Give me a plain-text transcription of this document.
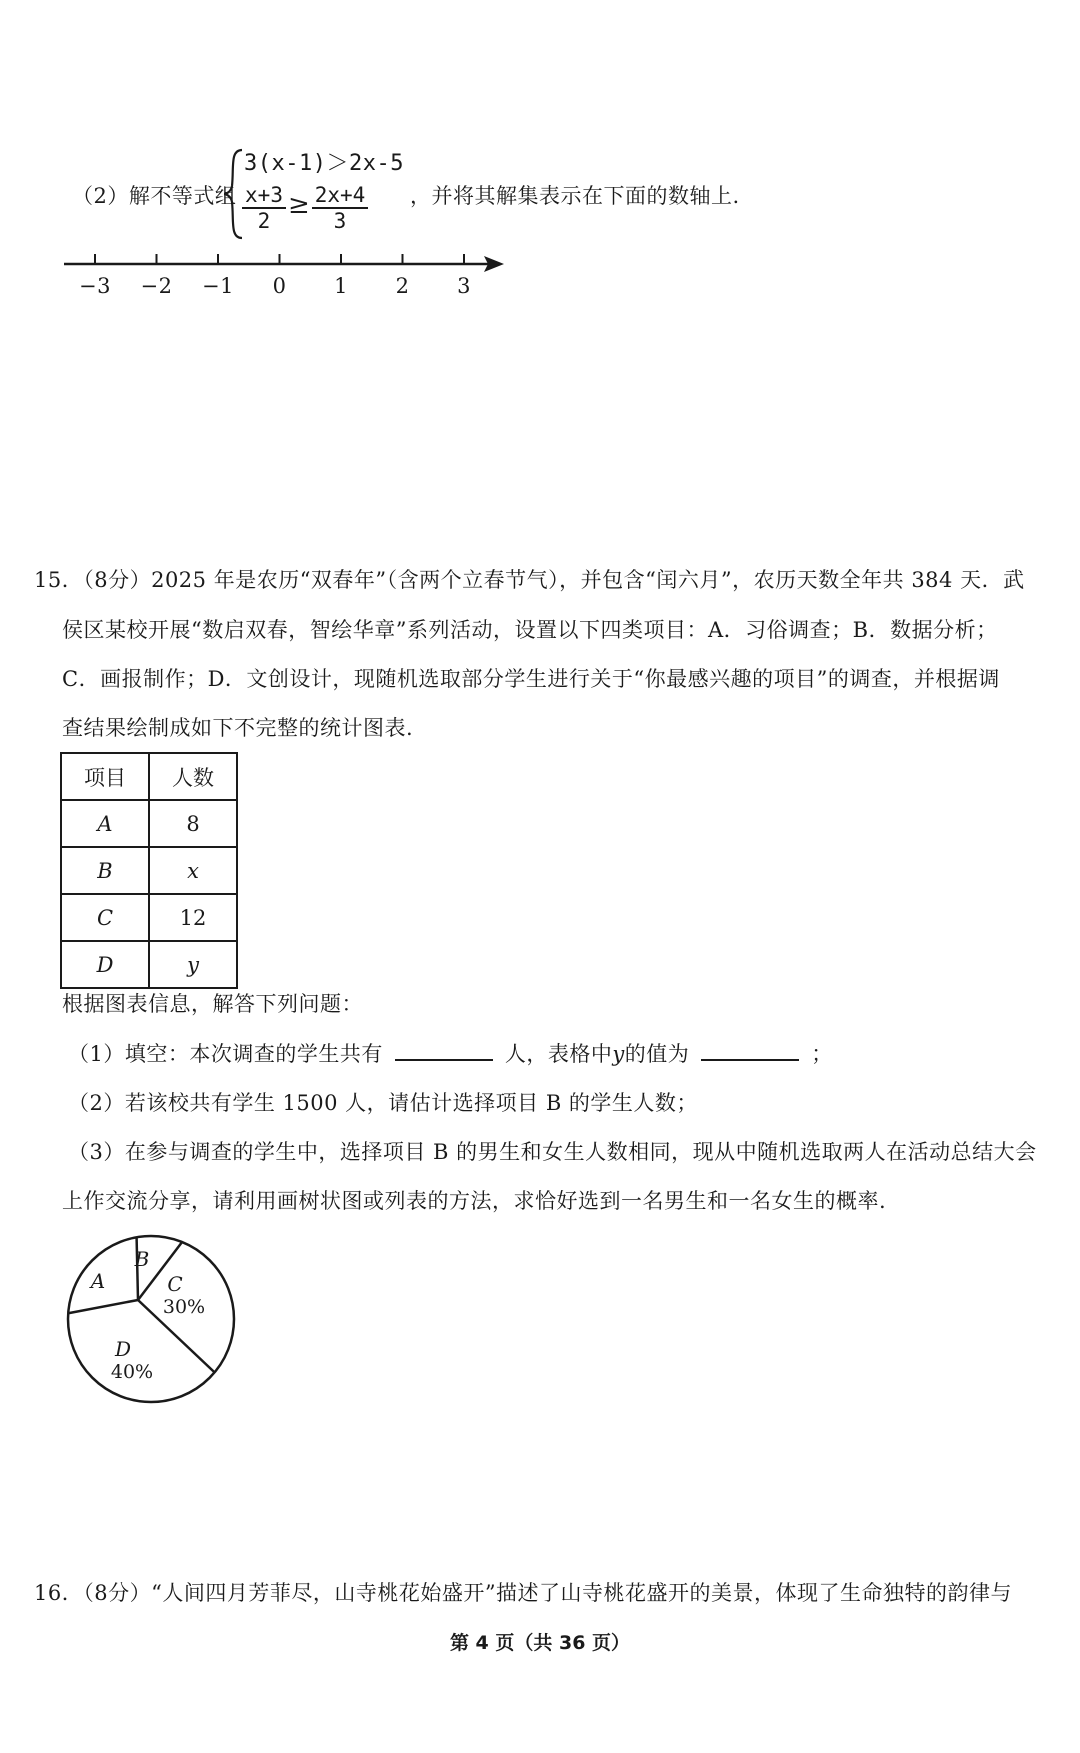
（2）解不等式组
3(x-1)＞2x-5
$\frac{x+3}{2} \ge \frac{2x+4}{3}$ ，并将其解集表示在下面的数轴上.
−3 −2 −1	0	1	2	3
15．（8分）2025 年是农历“双春年”（含两个立春节气），并包含“闰六月”，农历天数全年共 384 天．武
侯区某校开展“数启双春，智绘华章”系列活动，设置以下四类项目：A．习俗调查；B．数据分析；
C．画报制作；D．文创设计，现随机选取部分学生进行关于“你最感兴趣的项目”的调查，并根据调
查结果绘制成如下不完整的统计图表.
项目	人数
A	8
B	x
C	12
D	y
根据图表信息，解答下列问题：
（1）填空：本次调查的学生共有	人，表格中y的值为	；
（2）若该校共有学生 1500 人，请估计选择项目 B 的学生人数；
（3）在参与调查的学生中，选择项目 B 的男生和女生人数相同，现从中随机选取两人在活动总结大会
上作交流分享，请利用画树状图或列表的方法，求恰好选到一名男生和一名女生的概率.
A
B
C
30%
D
40%
16．（8分）“人间四月芳菲尽，山寺桃花始盛开”描述了山寺桃花盛开的美景，体现了生命独特的韵律与
第 4 页（共 36 页）
